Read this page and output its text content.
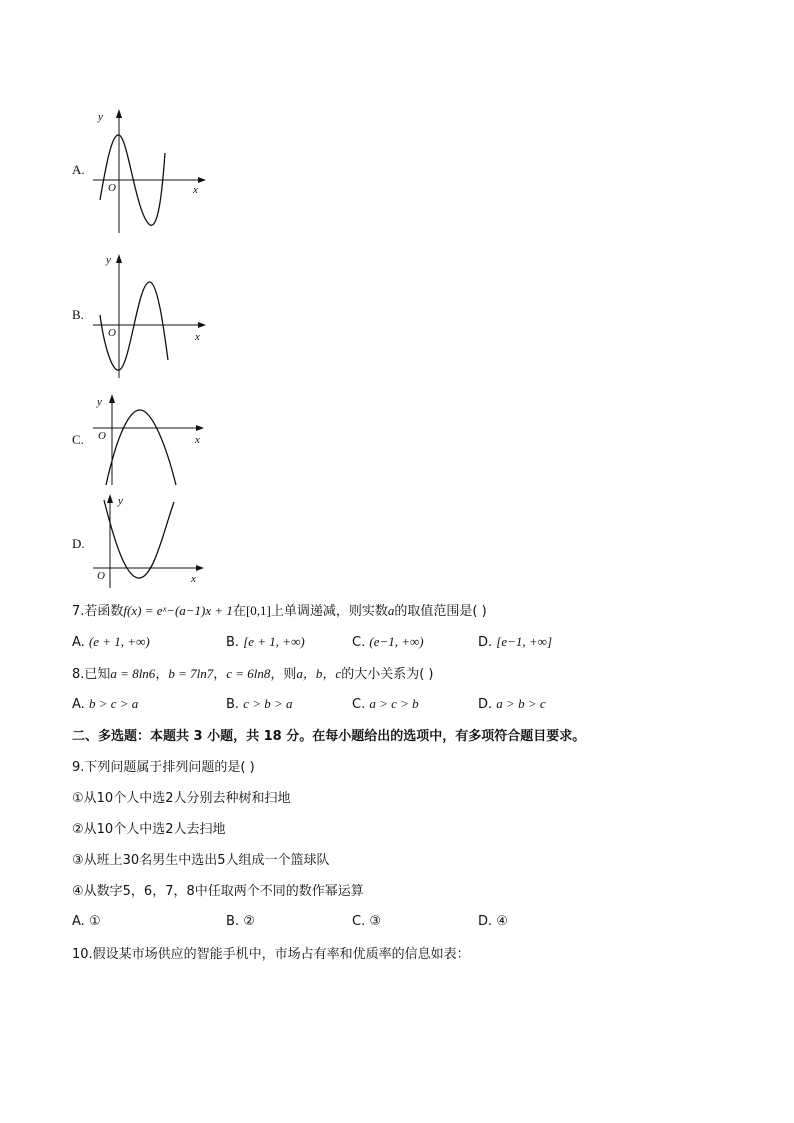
A.
y
O	x
B.
y
O	x
C.
y
O	x
D.
y
O	x
7.若函数f(x) = eˣ−(a−1)x + 1在[0,1]上单调递减，则实数a的取值范围是( )
A. (e + 1, +∞)	B. [e + 1, +∞)	C. (e−1, +∞)	D. [e−1, +∞]
8.已知a = 8ln6，b = 7ln7，c = 6ln8，则a，b，c的大小关系为( )
A. b > c > a	B. c > b > a	C. a > c > b	D. a > b > c
二、多选题：本题共 3 小题，共 18 分。在每小题给出的选项中，有多项符合题目要求。
9.下列问题属于排列问题的是( )
①从10个人中选2人分别去种树和扫地
②从10个人中选2人去扫地
③从班上30名男生中选出5人组成一个篮球队
④从数字5，6，7，8中任取两个不同的数作幂运算
A. ①	B. ②	C. ③	D. ④
10.假设某市场供应的智能手机中，市场占有率和优质率的信息如表：
